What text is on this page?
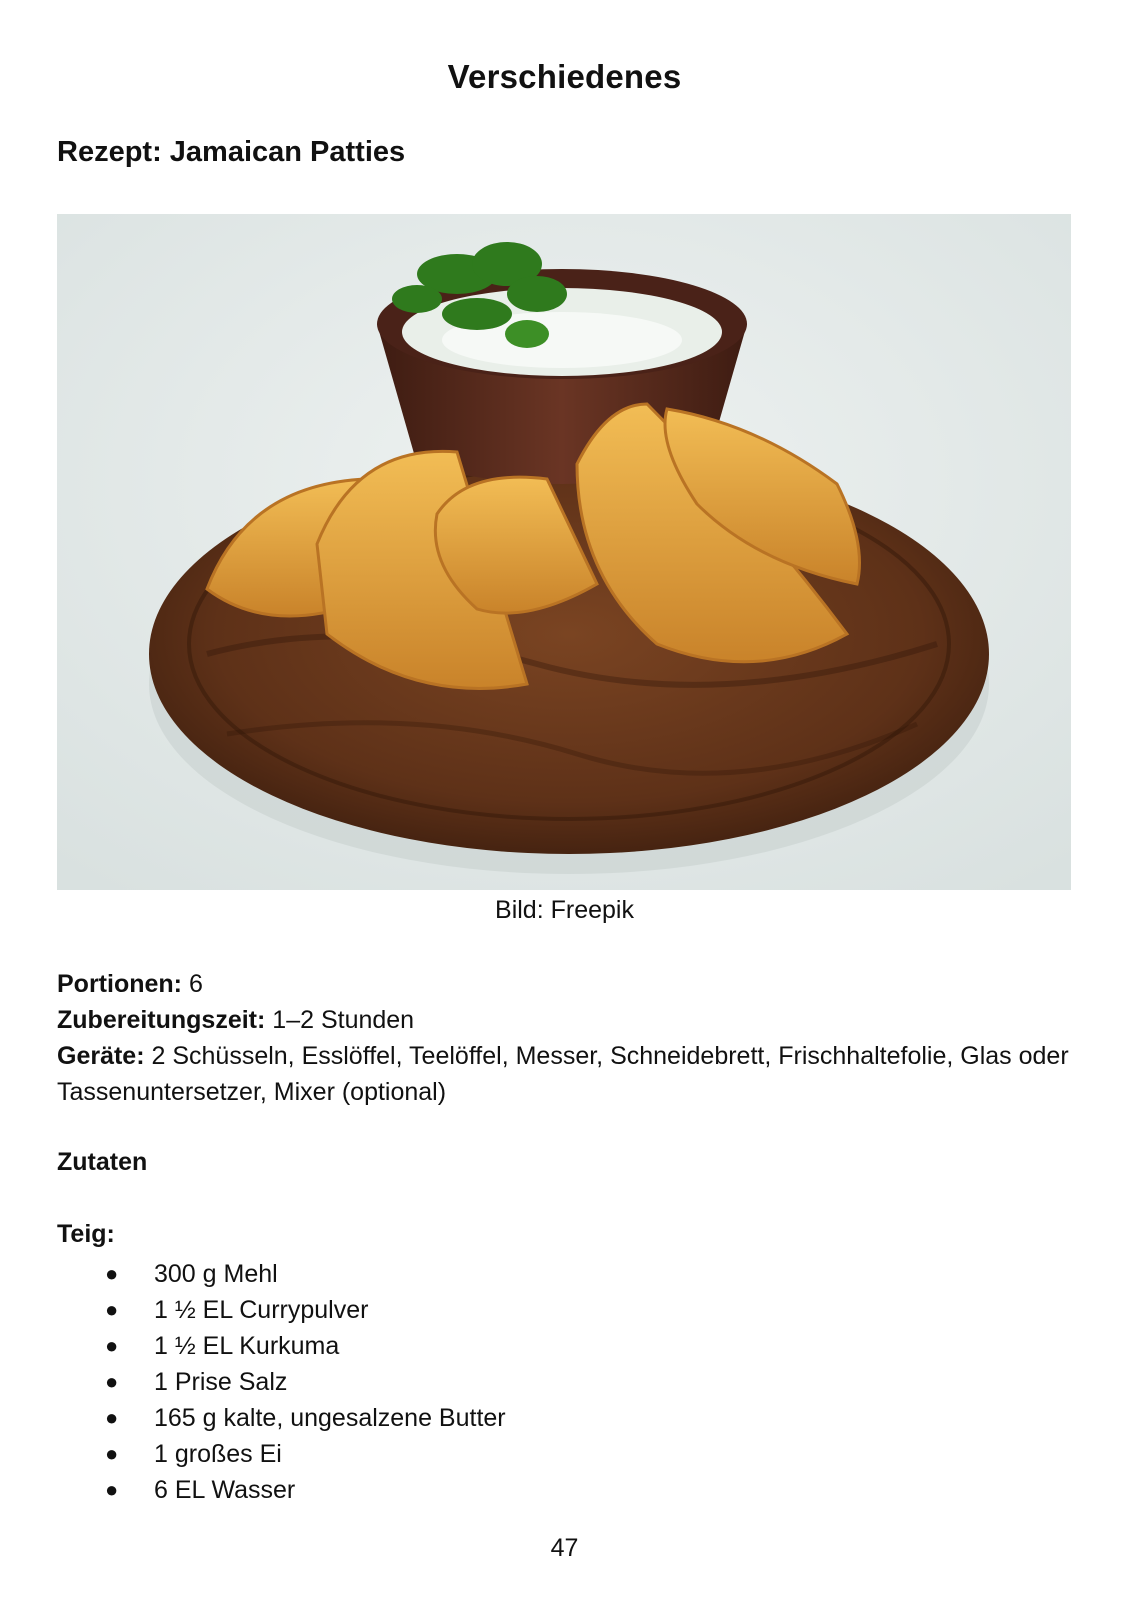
Verschiedenes
Rezept: Jamaican Patties
Bild: Freepik

Portionen: 6

Zubereitungszeit: 1–2 Stunden

Geräte: 2 Schüsseln, Esslöffel, Teelöffel, Messer, Schneidebrett, Frischhaltefolie, Glas oder Tassenuntersetzer, Mixer (optional)

Zutaten
Teig:
● 300 g Mehl
● 1 ½ EL Currypulver
● 1 ½ EL Kurkuma
● 1 Prise Salz
● 165 g kalte, ungesalzene Butter
● 1 großes Ei
● 6 EL Wasser
47
